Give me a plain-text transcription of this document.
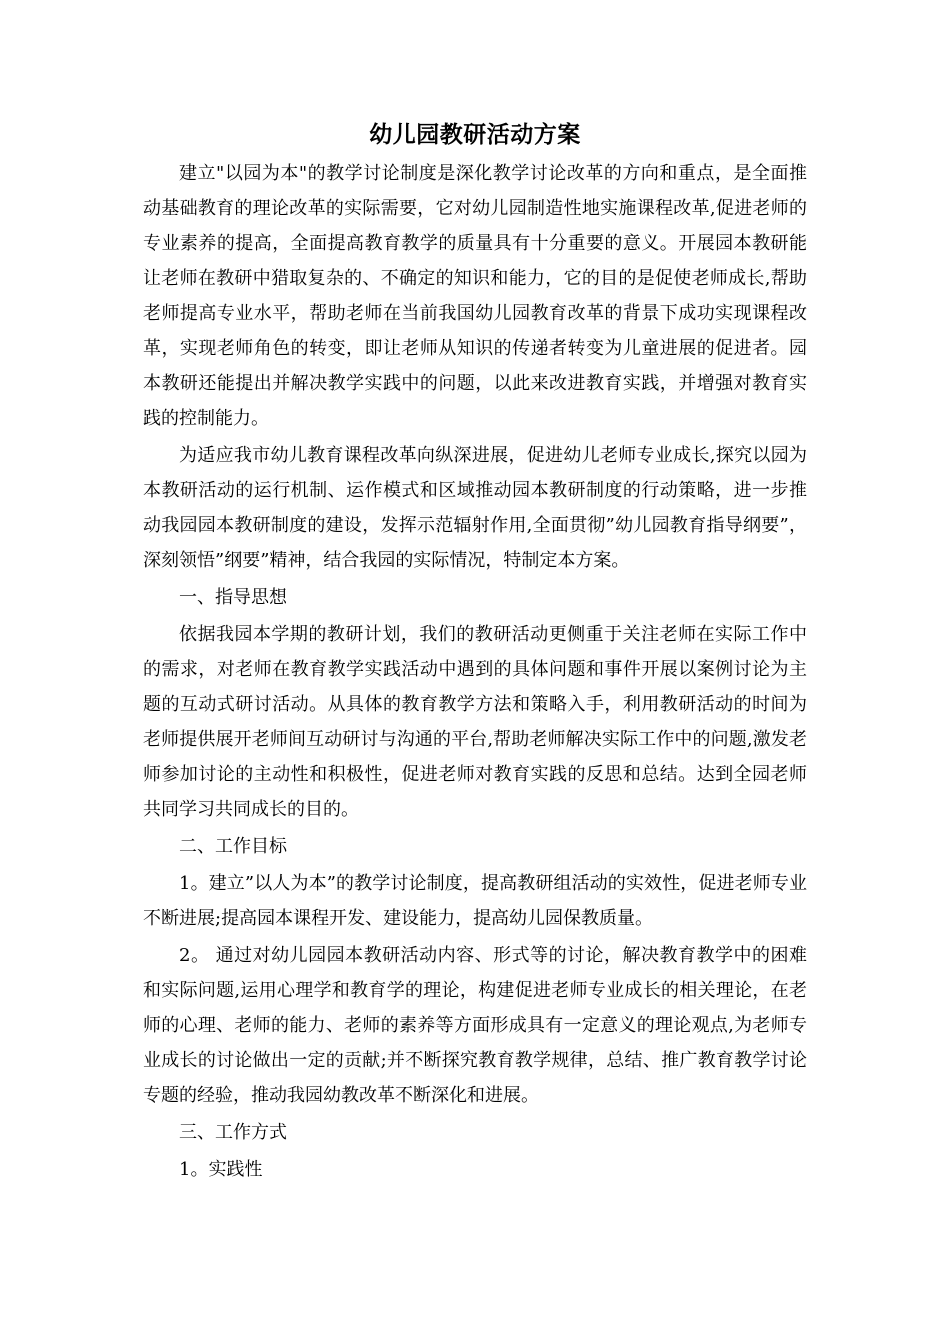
幼儿园教研活动方案

建立"以园为本"的教学讨论制度是深化教学讨论改革的方向和重点，是全面推动基础教育的理论改革的实际需要，它对幼儿园制造性地实施课程改革,促进老师的专业素养的提高，全面提高教育教学的质量具有十分重要的意义。开展园本教研能让老师在教研中猎取复杂的、不确定的知识和能力，它的目的是促使老师成长,帮助老师提高专业水平，帮助老师在当前我国幼儿园教育改革的背景下成功实现课程改革，实现老师角色的转变，即让老师从知识的传递者转变为儿童进展的促进者。园本教研还能提出并解决教学实践中的问题，以此来改进教育实践，并增强对教育实践的控制能力。

为适应我市幼儿教育课程改革向纵深进展，促进幼儿老师专业成长,探究以园为本教研活动的运行机制、运作模式和区域推动园本教研制度的行动策略，进一步推动我园园本教研制度的建设，发挥示范辐射作用,全面贯彻”幼儿园教育指导纲要”，深刻领悟”纲要”精神，结合我园的实际情况，特制定本方案。

一、指导思想

依据我园本学期的教研计划，我们的教研活动更侧重于关注老师在实际工作中的需求，对老师在教育教学实践活动中遇到的具体问题和事件开展以案例讨论为主题的互动式研讨活动。从具体的教育教学方法和策略入手，利用教研活动的时间为老师提供展开老师间互动研讨与沟通的平台,帮助老师解决实际工作中的问题,激发老师参加讨论的主动性和积极性，促进老师对教育实践的反思和总结。达到全园老师共同学习共同成长的目的。

二、工作目标

1。建立”以人为本”的教学讨论制度，提高教研组活动的实效性，促进老师专业不断进展;提高园本课程开发、建设能力，提高幼儿园保教质量。

2。 通过对幼儿园园本教研活动内容、形式等的讨论，解决教育教学中的困难和实际问题,运用心理学和教育学的理论，构建促进老师专业成长的相关理论，在老师的心理、老师的能力、老师的素养等方面形成具有一定意义的理论观点,为老师专业成长的讨论做出一定的贡献;并不断探究教育教学规律，总结、推广教育教学讨论专题的经验，推动我园幼教改革不断深化和进展。

三、工作方式

1。实践性
